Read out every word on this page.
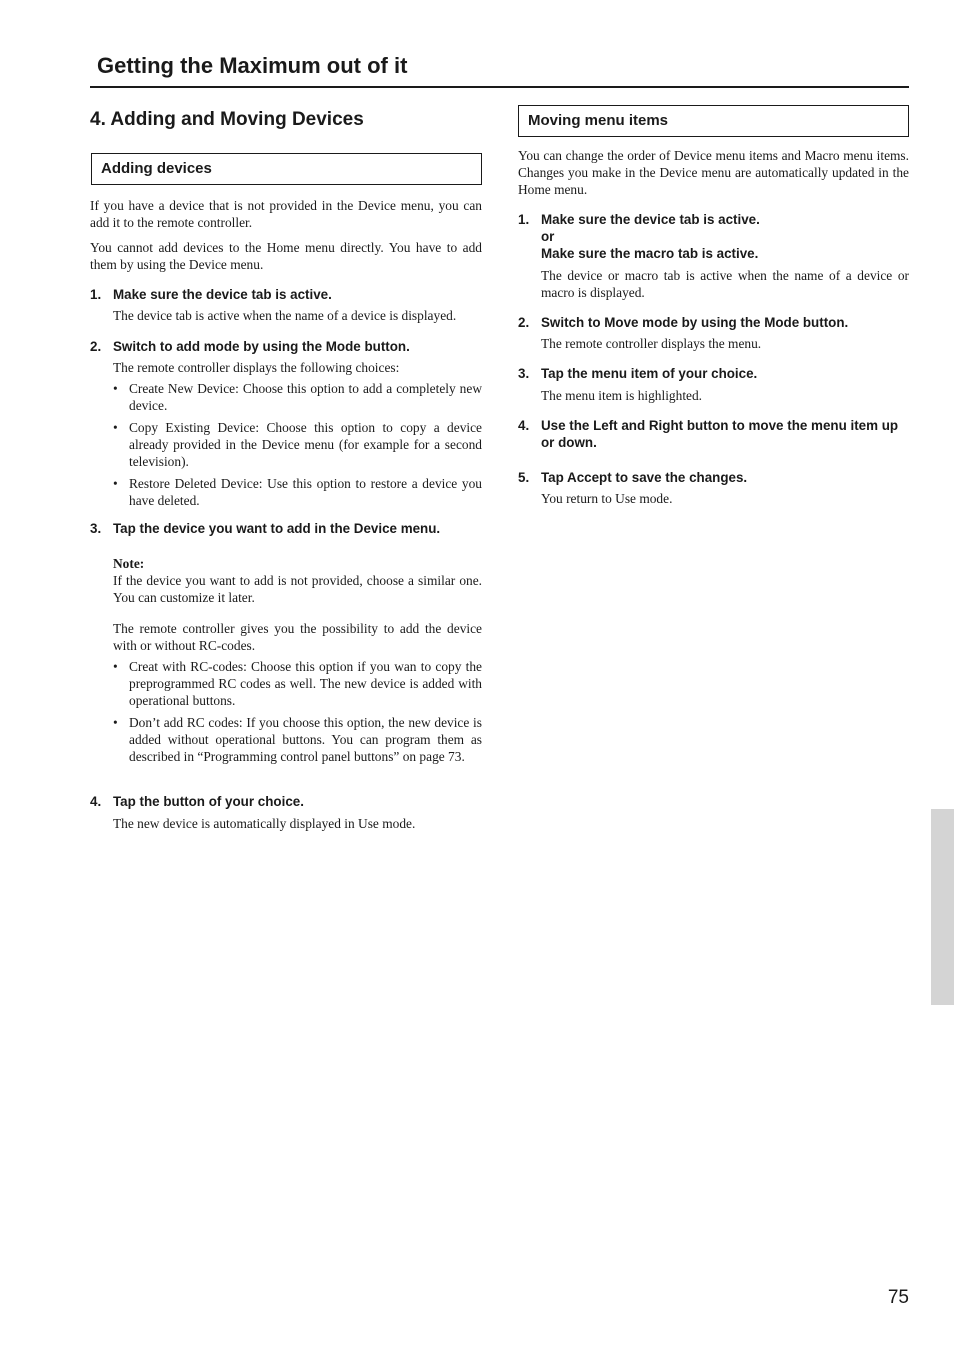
Getting the Maximum out of it
4. Adding and Moving Devices
Adding devices

If you have a device that is not provided in the Device menu, you can add it to the remote controller.

You cannot add devices to the Home menu directly. You have to add them by using the Device menu.

1. Make sure the device tab is active.

The device tab is active when the name of a device is displayed.

2. Switch to add mode by using the Mode button.

The remote controller displays the following choices:

• Create New Device: Choose this option to add a completely new device.
• Copy Existing Device: Choose this option to copy a device already provided in the Device menu (for example for a second television).
• Restore Deleted Device: Use this option to restore a device you have deleted.
3. Tap the device you want to add in the Device menu.

Note:

If the device you want to add is not provided, choose a similar one. You can customize it later.

The remote controller gives you the possibility to add the device with or without RC-codes.

• Creat with RC-codes: Choose this option if you wan to copy the preprogrammed RC codes as well. The new device is added with operational buttons.
• Don’t add RC codes: If you choose this option, the new device is added without operational buttons. You can program them as described in “Programming control panel buttons” on page 73.
4. Tap the button of your choice.

The new device is automatically displayed in Use mode.

Moving menu items

You can change the order of Device menu items and Macro menu items. Changes you make in the Device menu are automatically updated in the Home menu.

1. Make sure the device tab is active.
or
Make sure the macro tab is active.

The device or macro tab is active when the name of a device or macro is displayed.

2. Switch to Move mode by using the Mode button.

The remote controller displays the menu.

3. Tap the menu item of your choice.

The menu item is highlighted.

4. Use the Left and Right button to move the menu item up or down.
5. Tap Accept to save the changes.

You return to Use mode.

75
